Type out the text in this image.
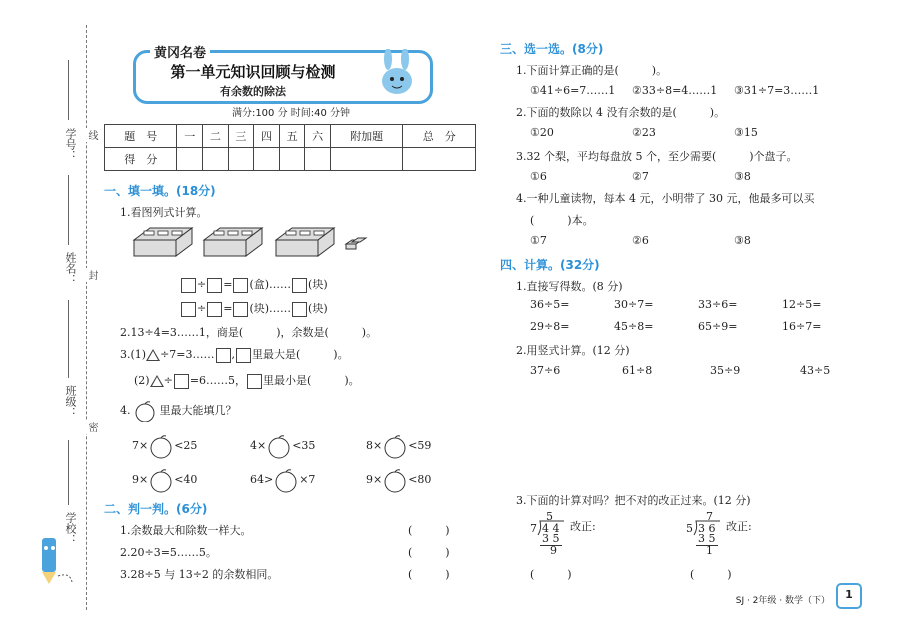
学号：
姓名：
班级：
学校：
线
封
密
第一单元知识回顾与检测
有余数的除法
黄冈名卷
满分:100 分 时间:40 分钟
题　号	一	二	三	四	五	六	附加题	总　分
得　分								
一、填一填。(18分)
1.看图列式计算。
÷ = (盒)…… (块)
÷ = (块)…… (块)
2.13÷4=3……1，商是(　　　)，余数是(　　　)。
3.(1) ÷7=3…… , 里最大是(　　　)。
(2) ÷ =6……5， 里最小是(　　　)。
4.	里最大能填几？
7× <25	4× <35	8× <59
9× <40	64> ×7	9× <80
二、判一判。(6分)
1.余数最大和除数一样大。	(　　　)
2.20÷3=5……5。	(　　　)
3.28÷5 与 13÷2 的余数相同。	(　　　)
三、选一选。(8分)
1.下面计算正确的是(　　　)。
①41÷6=7……1 ②33÷8=4……1 ③31÷7=3……1
2.下面的数除以 4 没有余数的是(　　　)。
①20	②23	③15
3.32 个梨，平均每盘放 5 个，至少需要(　　　)个盘子。
①6	②7	③8
4.一种儿童读物，每本 4 元，小明带了 30 元，他最多可以买
(　　　)本。
①7	②6	③8
四、计算。(32分)
1.直接写得数。(8 分)
36÷5=	30÷7=	33÷6=	12÷5=
29÷8=	45÷8=	65÷9=	16÷7=
2.用竖式计算。(12 分)
37÷6	61÷8	35÷9	43÷5
3.下面的计算对吗？把不对的改正过来。(12 分)
5
7 4 4
3 5
9
改正:
(　　　)
7
5 3 6
3 5
1
改正:
(　　　)
SJ · 2年级 · 数学（下）	1
